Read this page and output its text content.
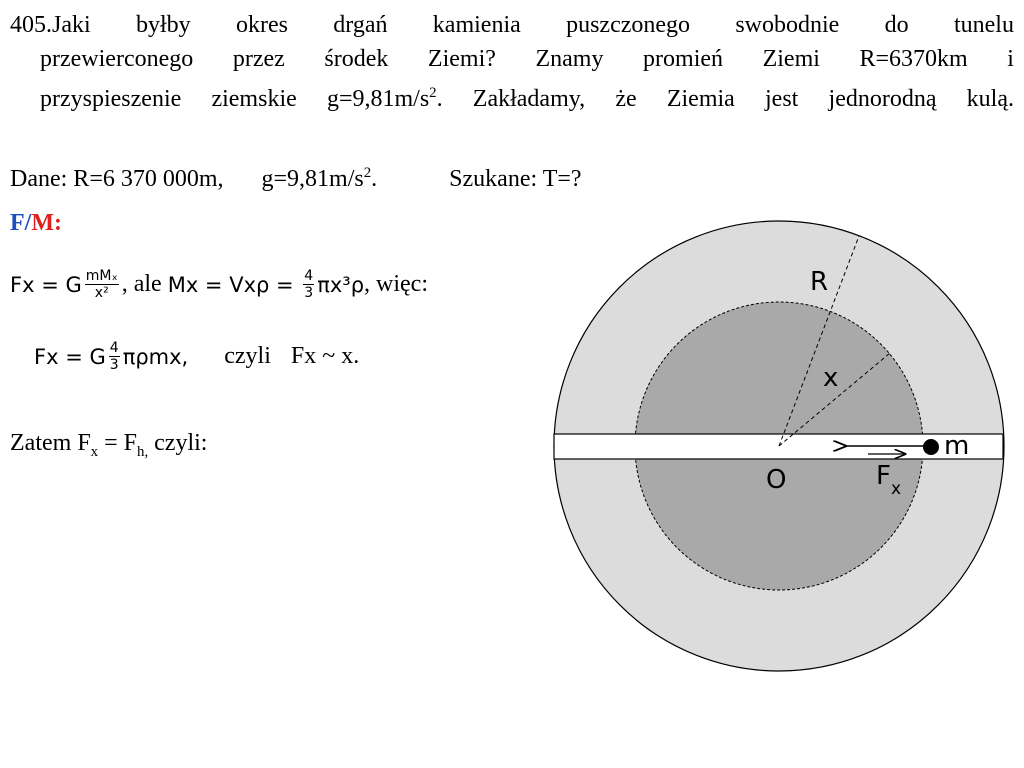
405.Jaki byłby okres drgań kamienia puszczonego swobodnie do tunelu
przewierconego przez środek Ziemi? Znamy promień Ziemi R=6370km i
przyspieszenie ziemskie $g=9,81m/s^2$. Zakładamy, że Ziemia jest jednorodną kulą.
Dane: R=6 370 000m, $g=9,81m/s^2$.	Szukane: T=?
F/M:
F x = G $\frac{\text{mMₓ}}{\text{x²}}$ , ale M x = V x $\rho = \frac{4}{3} \pi x^3\rho$ , więc:
F x = G $\frac{4}{3} \pi\rho mx$, czyli F x ~ x.
Zatem $F_x = F_{h,}$ czyli:
R
x
m
O	F x
